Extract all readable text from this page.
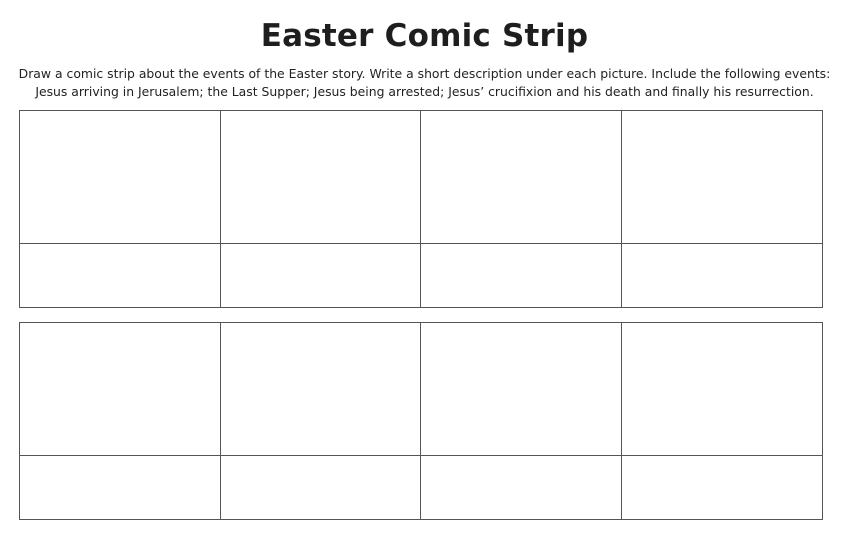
Easter Comic Strip
Draw a comic strip about the events of the Easter story. Write a short description under each picture. Include the following events: Jesus arriving in Jerusalem; the Last Supper; Jesus being arrested; Jesus’ crucifixion and his death and finally his resurrection.
